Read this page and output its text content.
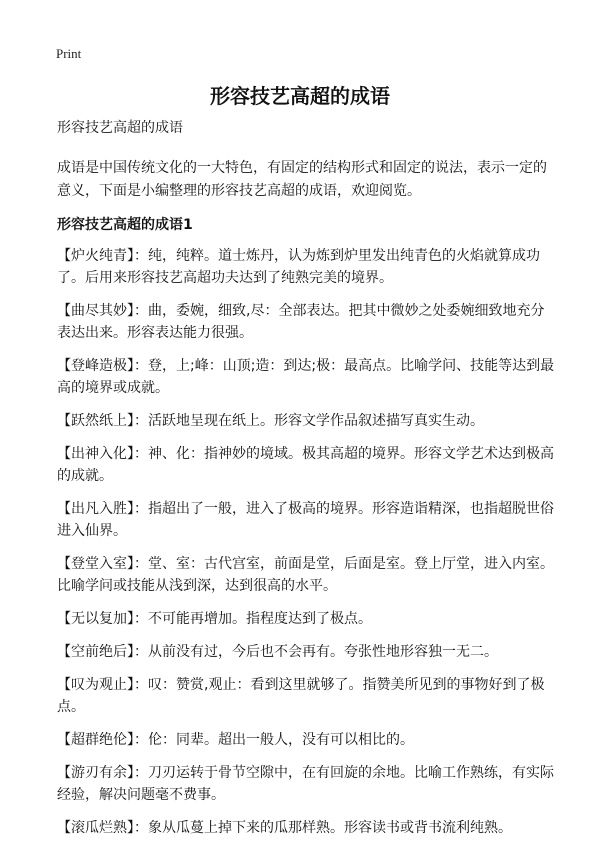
Print
形容技艺高超的成语

形容技艺高超的成语

成语是中国传统文化的一大特色，有固定的结构形式和固定的说法，表示一定的意义，下面是小编整理的形容技艺高超的成语，欢迎阅览。

形容技艺高超的成语1

【炉火纯青】：纯，纯粹。道士炼丹，认为炼到炉里发出纯青色的火焰就算成功了。后用来形容技艺高超功夫达到了纯熟完美的境界。

【曲尽其妙】：曲，委婉，细致,尽：全部表达。把其中微妙之处委婉细致地充分表达出来。形容表达能力很强。

【登峰造极】：登，上;峰：山顶;造：到达;极：最高点。比喻学问、技能等达到最高的境界或成就。

【跃然纸上】：活跃地呈现在纸上。形容文学作品叙述描写真实生动。

【出神入化】：神、化：指神妙的境域。极其高超的境界。形容文学艺术达到极高的成就。

【出凡入胜】：指超出了一般，进入了极高的境界。形容造诣精深，也指超脱世俗进入仙界。

【登堂入室】：堂、室：古代宫室，前面是堂，后面是室。登上厅堂，进入内室。比喻学问或技能从浅到深，达到很高的水平。

【无以复加】：不可能再增加。指程度达到了极点。

【空前绝后】：从前没有过，今后也不会再有。夸张性地形容独一无二。

【叹为观止】：叹：赞赏,观止：看到这里就够了。指赞美所见到的事物好到了极点。

【超群绝伦】：伦：同辈。超出一般人，没有可以相比的。

【游刃有余】：刀刃运转于骨节空隙中，在有回旋的余地。比喻工作熟练，有实际经验，解决问题毫不费事。

【滚瓜烂熟】：象从瓜蔓上掉下来的瓜那样熟。形容读书或背书流利纯熟。
